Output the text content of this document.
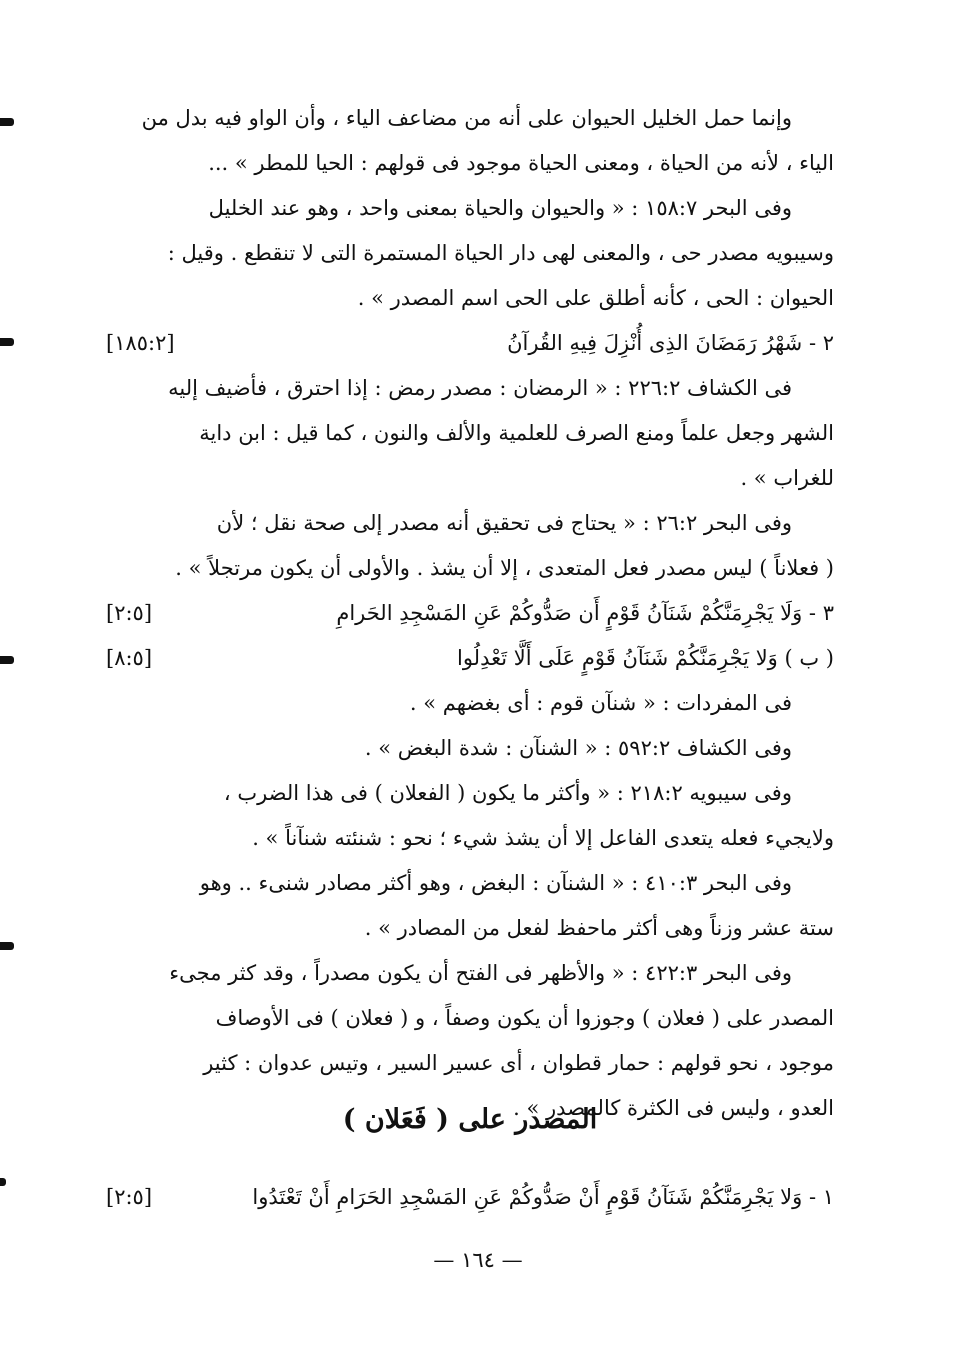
وإنما حمل الخليل الحيوان على أنه من مضاعف الياء ، وأن الواو فيه بدل من
الياء ، لأنه من الحياة ، ومعنى الحياة موجود فى قولهم : الحيا للمطر » ...
وفى البحر ١٥٨:٧ : « والحيوان والحياة بمعنى واحد ، وهو عند الخليل
وسيبويه مصدر حى ، والمعنى لهى دار الحياة المستمرة التى لا تنقطع . وقيل :
الحيوان : الحى ، كأنه أطلق على الحى اسم المصدر » .
٢ - شَهْرُ رَمَضَانَ الذِى أُنْزِلَ فِيهِ القُرآنُ
[١٨٥:٢]
فى الكشاف ٢٢٦:٢ : « الرمضان : مصدر رمض : إذا احترق ، فأضيف إليه
الشهر وجعل علماً ومنع الصرف للعلمية والألف والنون ، كما قيل : ابن داية
للغراب » .
وفى البحر ٢٦:٢ : « يحتاج فى تحقيق أنه مصدر إلى صحة نقل ؛ لأن
( فعلاناً ) ليس مصدر فعل المتعدى ، إلا أن يشذ . والأولى أن يكون مرتجلاً » .
٣ - وَلَا يَجْرِمَنَّكُمْ شَنَآنُ قَوْمٍ أَن صَدُّوكُمْ عَنِ المَسْجِدِ الحَرامِ
[٢:٥]
( ب ) وَلا يَجْرِمَنَّكُمْ شَنَآنُ قَوْمٍ عَلَى أَلَّا تَعْدِلُوا
[٨:٥]
فى المفردات : « شنآن قوم : أى بغضهم » .
وفى الكشاف ٥٩٢:٢ : « الشنآن : شدة البغض » .
وفى سيبويه ٢١٨:٢ : « وأكثر ما يكون ( الفعلان ) فى هذا الضرب ،
ولايجيء فعله يتعدى الفاعل إلا أن يشذ شيء ؛ نحو : شنئته شنآناً » .
وفى البحر ٤١٠:٣ : « الشنآن : البغض ، وهو أكثر مصادر شنىء .. وهو
ستة عشر وزناً وهى أكثر ماحفظ لفعل من المصادر » .
وفى البحر ٤٢٢:٣ : « والأظهر فى الفتح أن يكون مصدراً ، وقد كثر مجىء
المصدر على ( فعلان ) وجوزوا أن يكون وصفاً ، و ( فعلان ) فى الأوصاف
موجود ، نحو قولهم : حمار قطوان ، أى عسير السير ، وتيس عدوان : كثير
العدو ، وليس فى الكثرة كالمصدر » .
المصدر على ( فَعَلان )
١ - وَلا يَجْرِمَنَّكُمْ شَنَآنُ قَوْمٍ أَنْ صَدُّوكُمْ عَنِ المَسْجِدِ الحَرَامِ أَنْ تَعْتَدُوا
[٢:٥]
— ١٦٤ —
